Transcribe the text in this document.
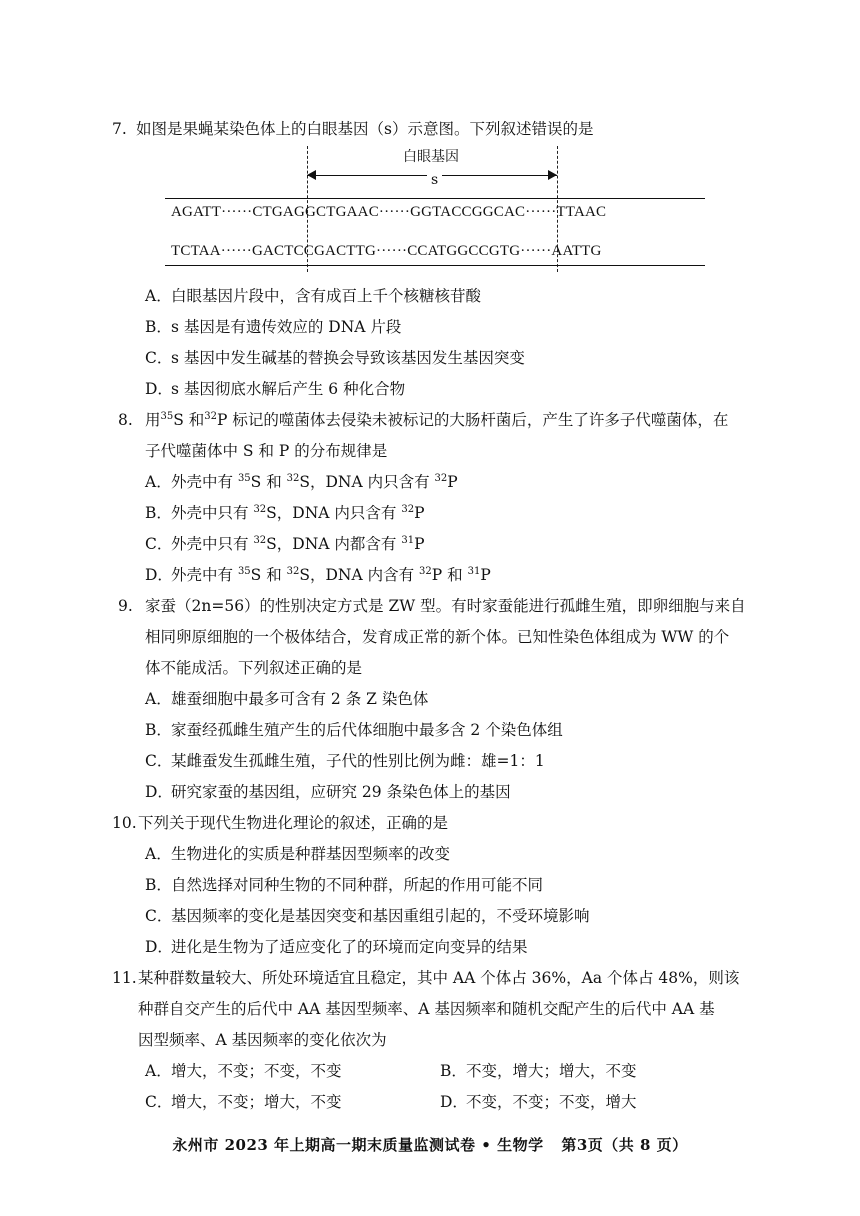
7. 如图是果蝇某染色体上的白眼基因（s）示意图。下列叙述错误的是
白眼基因
s
AGATT······CTGAGGCTGAAC······GGTACCGGCAC······TTAAC
TCTAA······GACTCCGACTTG······CCATGGCCGTG······AATTG
A．白眼基因片段中，含有成百上千个核糖核苷酸
B．s 基因是有遗传效应的 DNA 片段
C．s 基因中发生碱基的替换会导致该基因发生基因突变
D．s 基因彻底水解后产生 6 种化合物
8. 用$^{35}$S 和$^{32}$P 标记的噬菌体去侵染未被标记的大肠杆菌后，产生了许多子代噬菌体，在
子代噬菌体中 S 和 P 的分布规律是
A．外壳中有 $^{35}$S 和 $^{32}$S，DNA 内只含有 $^{32}$P
B．外壳中只有 $^{32}$S，DNA 内只含有 $^{32}$P
C．外壳中只有 $^{32}$S，DNA 内都含有 $^{31}$P
D．外壳中有 $^{35}$S 和 $^{32}$S，DNA 内含有 $^{32}$P 和 $^{31}$P
9. 家蚕（2n=56）的性别决定方式是 ZW 型。有时家蚕能进行孤雌生殖，即卵细胞与来自
相同卵原细胞的一个极体结合，发育成正常的新个体。已知性染色体组成为 WW 的个
体不能成活。下列叙述正确的是
A．雄蚕细胞中最多可含有 2 条 Z 染色体
B．家蚕经孤雌生殖产生的后代体细胞中最多含 2 个染色体组
C．某雌蚕发生孤雌生殖，子代的性别比例为雌：雄=1：1
D．研究家蚕的基因组，应研究 29 条染色体上的基因
10. 下列关于现代生物进化理论的叙述，正确的是
A．生物进化的实质是种群基因型频率的改变
B．自然选择对同种生物的不同种群，所起的作用可能不同
C．基因频率的变化是基因突变和基因重组引起的，不受环境影响
D．进化是生物为了适应变化了的环境而定向变异的结果
11. 某种群数量较大、所处环境适宜且稳定，其中 AA 个体占 36%，Aa 个体占 48%，则该
种群自交产生的后代中 AA 基因型频率、A 基因频率和随机交配产生的后代中 AA 基
因型频率、A 基因频率的变化依次为
A．增大，不变；不变，不变	B．不变，增大；增大，不变
C．增大，不变；增大，不变	D．不变，不变；不变，增大
永州市 2023 年上期高一期末质量监测试卷 • 生物学 第3页（共 8 页）
